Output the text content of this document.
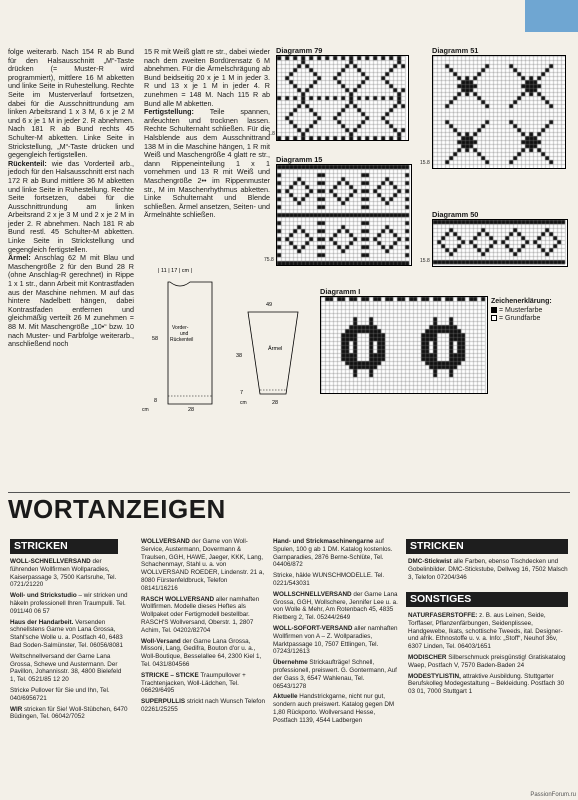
folge weiterarb. Nach 154 R ab Bund für den Halsausschnitt „M“-Taste drücken (= Muster-R wird programmiert), mittlere 16 M abketten und linke Seite in Ruhestellung. Rechte Seite im Musterverlauf fortsetzen, dabei für die Ausschnittrundung am linken Arbeitsrand 1 x 3 M, 6 x je 2 M und 6 x je 1 M in jeder 2. R abnehmen. Nach 181 R ab Bund rechts 45 Schulter-M abketten. Linke Seite in Strickstellung, „M“-Taste drücken und gegengleich fertigstellen.

Rückenteil: wie das Vorderteil arb., jedoch für den Halsausschnitt erst nach 172 R ab Bund mittlere 36 M abketten und linke Seite in Ruhestellung. Rechte Seite fortsetzen, dabei für die Ausschnittrundung am linken Arbeitsrand 2 x je 3 M und 2 x je 2 M in jeder 2. R abnehmen. Nach 181 R ab Bund restl. 45 Schulter-M abketten. Linke Seite in Strickstellung und gegengleich fertigstellen.

Ärmel: Anschlag 62 M mit Blau und Maschengröße 2 für den Bund 28 R (ohne Anschlag-R gerechnet) in Rippe 1 x 1 str., dann Arbeit mit Kontrastfaden aus der Maschine nehmen. M auf das hintere Nadelbett hängen, dabei Kontrastfaden entfernen und gleichmäßig verteilt 26 M zunehmen = 88 M. Mit Maschengröße „10•“ bzw. 10 nach Muster- und Farbfolge weiterarb., anschließend noch

15 R mit Weiß glatt re str., dabei wieder nach dem zweiten Bordürensatz 6 M abnehmen. Für die Ärmelschrägung ab Bund beidseitig 20 x je 1 M in jeder 3. R und 13 x je 1 M in jeder 4. R zunehmen = 148 M. Nach 115 R ab Bund alle M abketten.

Fertigstellung: Teile spannen, anfeuchten und trocknen lassen. Rechte Schulternaht schließen. Für die Halsblende aus dem Ausschnittrand 138 M in die Maschine hängen, 1 R mit Weiß und Maschengröße 4 glatt re str., dann Rippeneinteilung 1 x 1 vornehmen und 13 R mit Weiß und Maschengröße 2•• im Rippenmuster str., M im Maschenrhythmus abketten. Linke Schulternaht und Blende schließen. Ärmel ansetzen, Seiten- und Ärmelnähte schließen.

Diagramm 79
1.8
Diagramm 51
15.8
Diagramm 15
75.8
Diagramm 50
15.8
Diagramm I
Zeichenerklärung:
= Musterfarbe
= Grundfarbe
| 11 | 17 | cm |
Vorder-
und
Rückenteil
58
8
28
cm
Ärmel
38
7
49
28
cm
WORTANZEIGEN
STRICKEN	STRICKEN
SONSTIGES

WOLL-SCHNELLVERSAND der führenden Wollfirmen Wollparadies, Kaiserpassage 3, 7500 Karlsruhe, Tel. 0721/21220

Woll- und Strickstudio – wir stricken und häkeln professionell Ihren Traumpulli. Tel. 0911/40 06 57

Haus der Handarbeit. Versenden schnellstens Garne von Lana Grossa, Stahl'sche Wolle u. a. Postfach 40, 6483 Bad Soden-Salmünster, Tel. 06056/8081

Weltschnellversand der Garne Lana Grossa, Schewe und Austermann. Der Pavillon, Johannisstr. 38, 4800 Bielefeld 1, Tel. 0521/85 12 20

Stricke Pullover für Sie und Ihn, Tel. 040/6956721

WIR stricken für Sie! Woll-Stübchen, 6470 Büdingen, Tel. 06042/7052

WOLLVERSAND der Garne von Woll-Service, Austermann, Dovermann & Traulsen, GGH, HAWE, Jaeger, KKK, Lang, Schachenmayr, Stahl u. a. von WOLLVERSAND ROEDER, Lindenstr. 21 a, 8080 Fürstenfeldbruck, Telefon 08141/16216

RASCH WOLLVERSAND aller namhaften Wollfirmen. Modelle dieses Heftes als Wollpaket oder Fertigmodell bestellbar. RASCH'S Wollversand, Oberstr. 1, 2807 Achim, Tel. 04202/82704

Woll-Versand der Garne Lana Grossa, Missoni, Lang, Gedifra, Bouton d'or u. a., Woll-Boutique, Besselallee 64, 2300 Kiel 1, Tel. 0431/804566

STRICKE – STICKE Traumpullover + Trachtenjacken, Woll-Lädchen, Tel. 06629/6495

SUPERPULLIS strickt nach Wunsch Telefon 02261/25255

Hand- und Strickmaschinengarne auf Spulen, 100 g ab 1 DM. Katalog kostenlos. Garnparadies, 2876 Berne-Schlüte, Tel. 04406/872

Stricke, häkle WUNSCHMODELLE. Tel. 0221/543031

WOLLSCHNELLVERSAND der Garne Lana Grossa, GGH, Wollschere, Jennifer Lee u. a. von Wolle & Mehr, Am Rotenbach 45, 4835 Rietberg 2, Tel. 05244/2649

WOLL-SOFORT-VERSAND aller namhaften Wollfirmen von A – Z. Wollparadies, Marktpassage 10, 7507 Ettlingen, Tel. 07243/12613

Übernehme Strickaufträge! Schnell, professionell, preiswert. G. Gontermann, Auf der Gass 3, 6547 Wahlenau, Tel. 06543/1278

Aktuelle Handstrickgarne, nicht nur gut, sondern auch preiswert. Katalog gegen DM 1,80 Rückporto. Wollversand Hesse, Postfach 1139, 4544 Ladbergen

DMC-Stickwist alle Farben, ebenso Tischdecken und Gobelinbilder. DMC-Stickstube, Dellweg 16, 7502 Malsch 3, Telefon 07204/346

NATURFASERSTOFFE: z. B. aus Leinen, Seide, Torffaser, Pflanzenfärbungen, Seidenplissee, Handgewebe, Ikats, schottische Tweeds, ital. Designer- und afrik. Ethnostoffe u. v. a. Info: „Stoff“, Neuhof 36v, 6307 Linden, Tel. 06403/1651

MODISCHER Silberschmuck preisgünstig! Gratiskatalog Waep, Postfach V, 7570 Baden-Baden 24

MODESTYLISTIN, attraktive Ausbildung. Stuttgarter Berufskolleg Modegestaltung – Bekleidung. Postfach 30 03 01, 7000 Stuttgart 1

PassionForum.ru
